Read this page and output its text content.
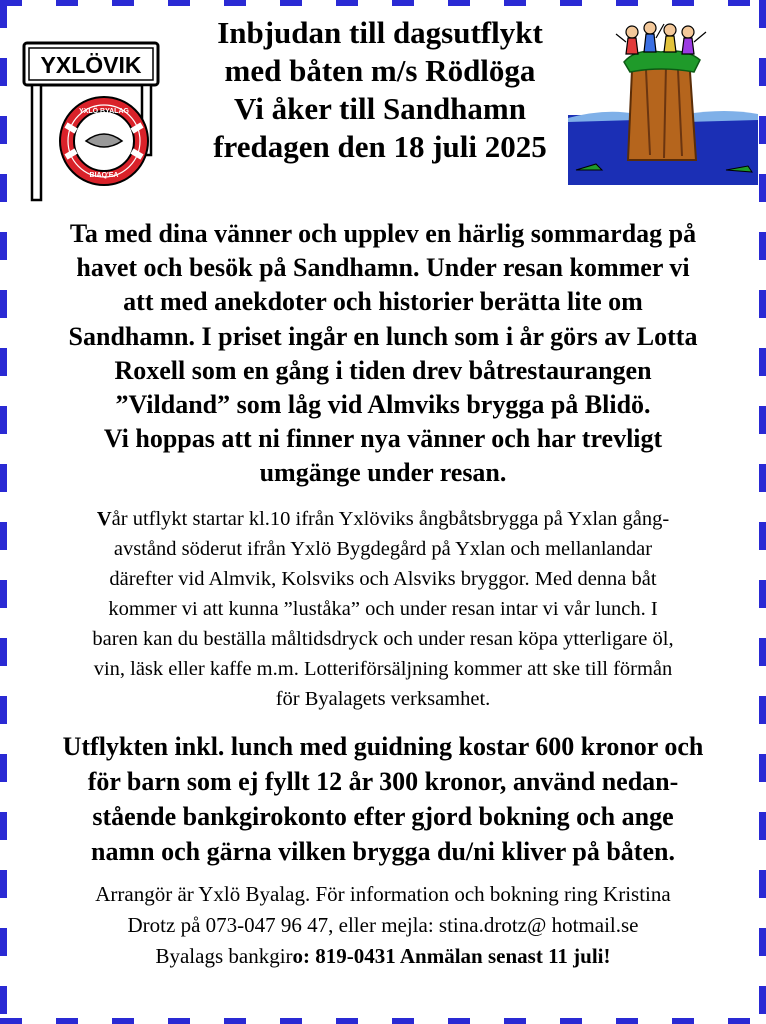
YXLÖVIK
YXLÖ BYALAG
BIAQ'EA
Inbjudan till dagsutflykt
med båten m/s Rödlöga
Vi åker till Sandhamn
fredagen den 18 juli 2025
Ta med dina vänner och upplev en härlig sommardag på
havet och besök på Sandhamn. Under resan kommer vi
att med anekdoter och historier berätta lite om
Sandhamn. I priset ingår en lunch som i år görs av Lotta
Roxell som en gång i tiden drev båtrestaurangen
”Vildand” som låg vid Almviks brygga på Blidö.
Vi hoppas att ni finner nya vänner och har trevligt
umgänge under resan.
Vår utflykt startar kl.10 ifrån Yxlöviks ångbåtsbrygga på Yxlan gång-
avstånd söderut ifrån Yxlö Bygdegård på Yxlan och mellanlandar
därefter vid Almvik, Kolsviks och Alsviks bryggor. Med denna båt
kommer vi att kunna ”luståka” och under resan intar vi vår lunch. I
baren kan du beställa måltidsdryck och under resan köpa ytterligare öl,
vin, läsk eller kaffe m.m. Lotteriförsäljning kommer att ske till förmån
för Byalagets verksamhet.
Utflykten inkl. lunch med guidning kostar 600 kronor och
för barn som ej fyllt 12 år 300 kronor, använd nedan-
stående bankgirokonto efter gjord bokning och ange
namn och gärna vilken brygga du/ni kliver på båten.
Arrangör är Yxlö Byalag. För information och bokning ring Kristina
Drotz på 073-047 96 47, eller mejla: stina.drotz@ hotmail.se
Byalags bankgiro: 819-0431 Anmälan senast 11 juli!
